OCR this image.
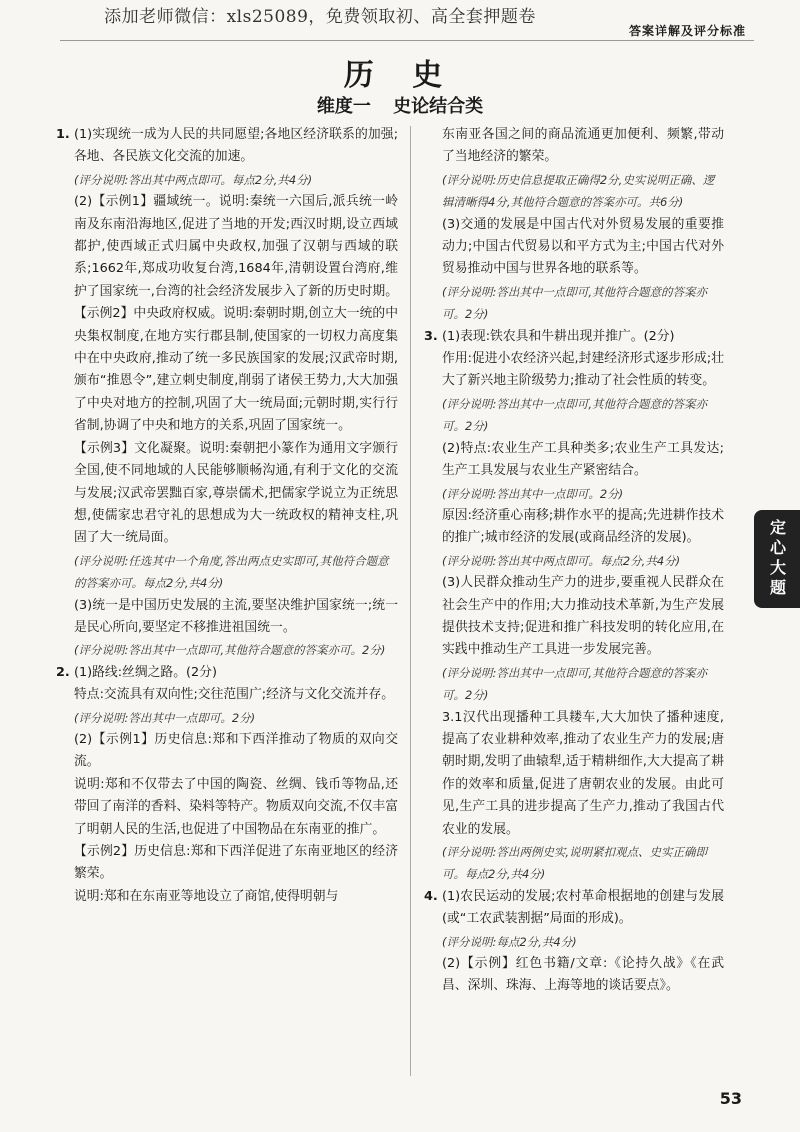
添加老师微信：xls25089，免费领取初、高全套押题卷
答案详解及评分标准
历 史
维度一 史论结合类
1. (1)实现统一成为人民的共同愿望;各地区经济联系的加强;各地、各民族文化交流的加速。

(评分说明:答出其中两点即可。每点2分,共4分)

(2)【示例1】疆域统一。说明:秦统一六国后,派兵统一岭南及东南沿海地区,促进了当地的开发;西汉时期,设立西域都护,使西域正式归属中央政权,加强了汉朝与西域的联系;1662年,郑成功收复台湾,1684年,清朝设置台湾府,维护了国家统一,台湾的社会经济发展步入了新的历史时期。

【示例2】中央政府权威。说明:秦朝时期,创立大一统的中央集权制度,在地方实行郡县制,使国家的一切权力高度集中在中央政府,推动了统一多民族国家的发展;汉武帝时期,颁布“推恩令”,建立刺史制度,削弱了诸侯王势力,大大加强了中央对地方的控制,巩固了大一统局面;元朝时期,实行行省制,协调了中央和地方的关系,巩固了国家统一。

【示例3】文化凝聚。说明:秦朝把小篆作为通用文字颁行全国,使不同地域的人民能够顺畅沟通,有利于文化的交流与发展;汉武帝罢黜百家,尊崇儒术,把儒家学说立为正统思想,使儒家忠君守礼的思想成为大一统政权的精神支柱,巩固了大一统局面。

(评分说明:任选其中一个角度,答出两点史实即可,其他符合题意的答案亦可。每点2分,共4分)

(3)统一是中国历史发展的主流,要坚决维护国家统一;统一是民心所向,要坚定不移推进祖国统一。

(评分说明:答出其中一点即可,其他符合题意的答案亦可。2分)

2. (1)路线:丝绸之路。(2分)

特点:交流具有双向性;交往范围广;经济与文化交流并存。

(评分说明:答出其中一点即可。2分)

(2)【示例1】历史信息:郑和下西洋推动了物质的双向交流。

说明:郑和不仅带去了中国的陶瓷、丝绸、钱币等物品,还带回了南洋的香料、染料等特产。物质双向交流,不仅丰富了明朝人民的生活,也促进了中国物品在东南亚的推广。

【示例2】历史信息:郑和下西洋促进了东南亚地区的经济繁荣。

说明:郑和在东南亚等地设立了商馆,使得明朝与

东南亚各国之间的商品流通更加便利、频繁,带动了当地经济的繁荣。

(评分说明:历史信息提取正确得2分,史实说明正确、逻辑清晰得4分,其他符合题意的答案亦可。共6分)

(3)交通的发展是中国古代对外贸易发展的重要推动力;中国古代贸易以和平方式为主;中国古代对外贸易推动中国与世界各地的联系等。

(评分说明:答出其中一点即可,其他符合题意的答案亦可。2分)

3. (1)表现:铁农具和牛耕出现并推广。(2分)

作用:促进小农经济兴起,封建经济形式逐步形成;壮大了新兴地主阶级势力;推动了社会性质的转变。

(评分说明:答出其中一点即可,其他符合题意的答案亦可。2分)

(2)特点:农业生产工具种类多;农业生产工具发达;生产工具发展与农业生产紧密结合。

(评分说明:答出其中一点即可。2分)

原因:经济重心南移;耕作水平的提高;先进耕作技术的推广;城市经济的发展(或商品经济的发展)。

(评分说明:答出其中两点即可。每点2分,共4分)

(3)人民群众推动生产力的进步,要重视人民群众在社会生产中的作用;大力推动技术革新,为生产发展提供技术支持;促进和推广科技发明的转化应用,在实践中推动生产工具进一步发展完善。

(评分说明:答出其中一点即可,其他符合题意的答案亦可。2分)

3.1汉代出现播种工具耧车,大大加快了播种速度,提高了农业耕种效率,推动了农业生产力的发展;唐朝时期,发明了曲辕犁,适于精耕细作,大大提高了耕作的效率和质量,促进了唐朝农业的发展。由此可见,生产工具的进步提高了生产力,推动了我国古代农业的发展。

(评分说明:答出两例史实,说明紧扣观点、史实正确即可。每点2分,共4分)

4. (1)农民运动的发展;农村革命根据地的创建与发展(或“工农武装割据”局面的形成)。

(评分说明:每点2分,共4分)

(2)【示例】红色书籍/文章:《论持久战》《在武昌、深圳、珠海、上海等地的谈话要点》。

定心大题
53
